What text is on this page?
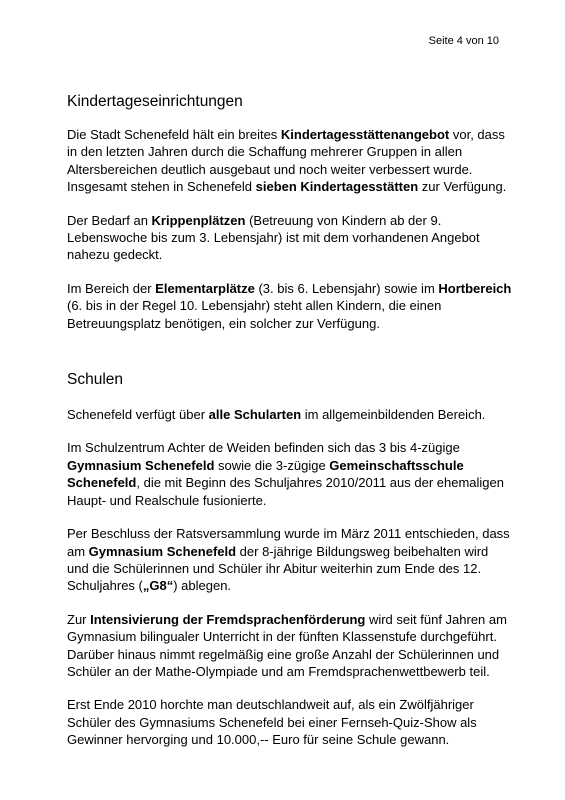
Seite 4 von 10
Kindertageseinrichtungen

Die Stadt Schenefeld hält ein breites Kindertagesstättenangebot vor, dass in den letzten Jahren durch die Schaffung mehrerer Gruppen in allen Altersbereichen deutlich ausgebaut und noch weiter verbessert wurde. Insgesamt stehen in Schenefeld sieben Kindertagesstätten zur Verfügung.

Der Bedarf an Krippenplätzen (Betreuung von Kindern ab der 9. Lebenswoche bis zum 3. Lebensjahr) ist mit dem vorhandenen Angebot nahezu gedeckt.

Im Bereich der Elementarplätze (3. bis 6. Lebensjahr) sowie im Hortbereich (6. bis in der Regel 10. Lebensjahr) steht allen Kindern, die einen Betreuungsplatz benötigen, ein solcher zur Verfügung.

Schulen

Schenefeld verfügt über alle Schularten im allgemeinbildenden Bereich.

Im Schulzentrum Achter de Weiden befinden sich das 3 bis 4-zügige Gymnasium Schenefeld sowie die 3-zügige Gemeinschaftsschule Schenefeld, die mit Beginn des Schuljahres 2010/2011 aus der ehemaligen Haupt- und Realschule fusionierte.

Per Beschluss der Ratsversammlung wurde im März 2011 entschieden, dass am Gymnasium Schenefeld der 8-jährige Bildungsweg beibehalten wird und die Schülerinnen und Schüler ihr Abitur weiterhin zum Ende des 12. Schuljahres („G8“) ablegen.

Zur Intensivierung der Fremdsprachenförderung wird seit fünf Jahren am Gymnasium bilingualer Unterricht in der fünften Klassenstufe durchgeführt. Darüber hinaus nimmt regelmäßig eine große Anzahl der Schülerinnen und Schüler an der Mathe-Olympiade und am Fremdsprachenwettbewerb teil.

Erst Ende 2010 horchte man deutschlandweit auf, als ein Zwölfjähriger Schüler des Gymnasiums Schenefeld bei einer Fernseh-Quiz-Show als Gewinner hervorging und 10.000,-- Euro für seine Schule gewann.
